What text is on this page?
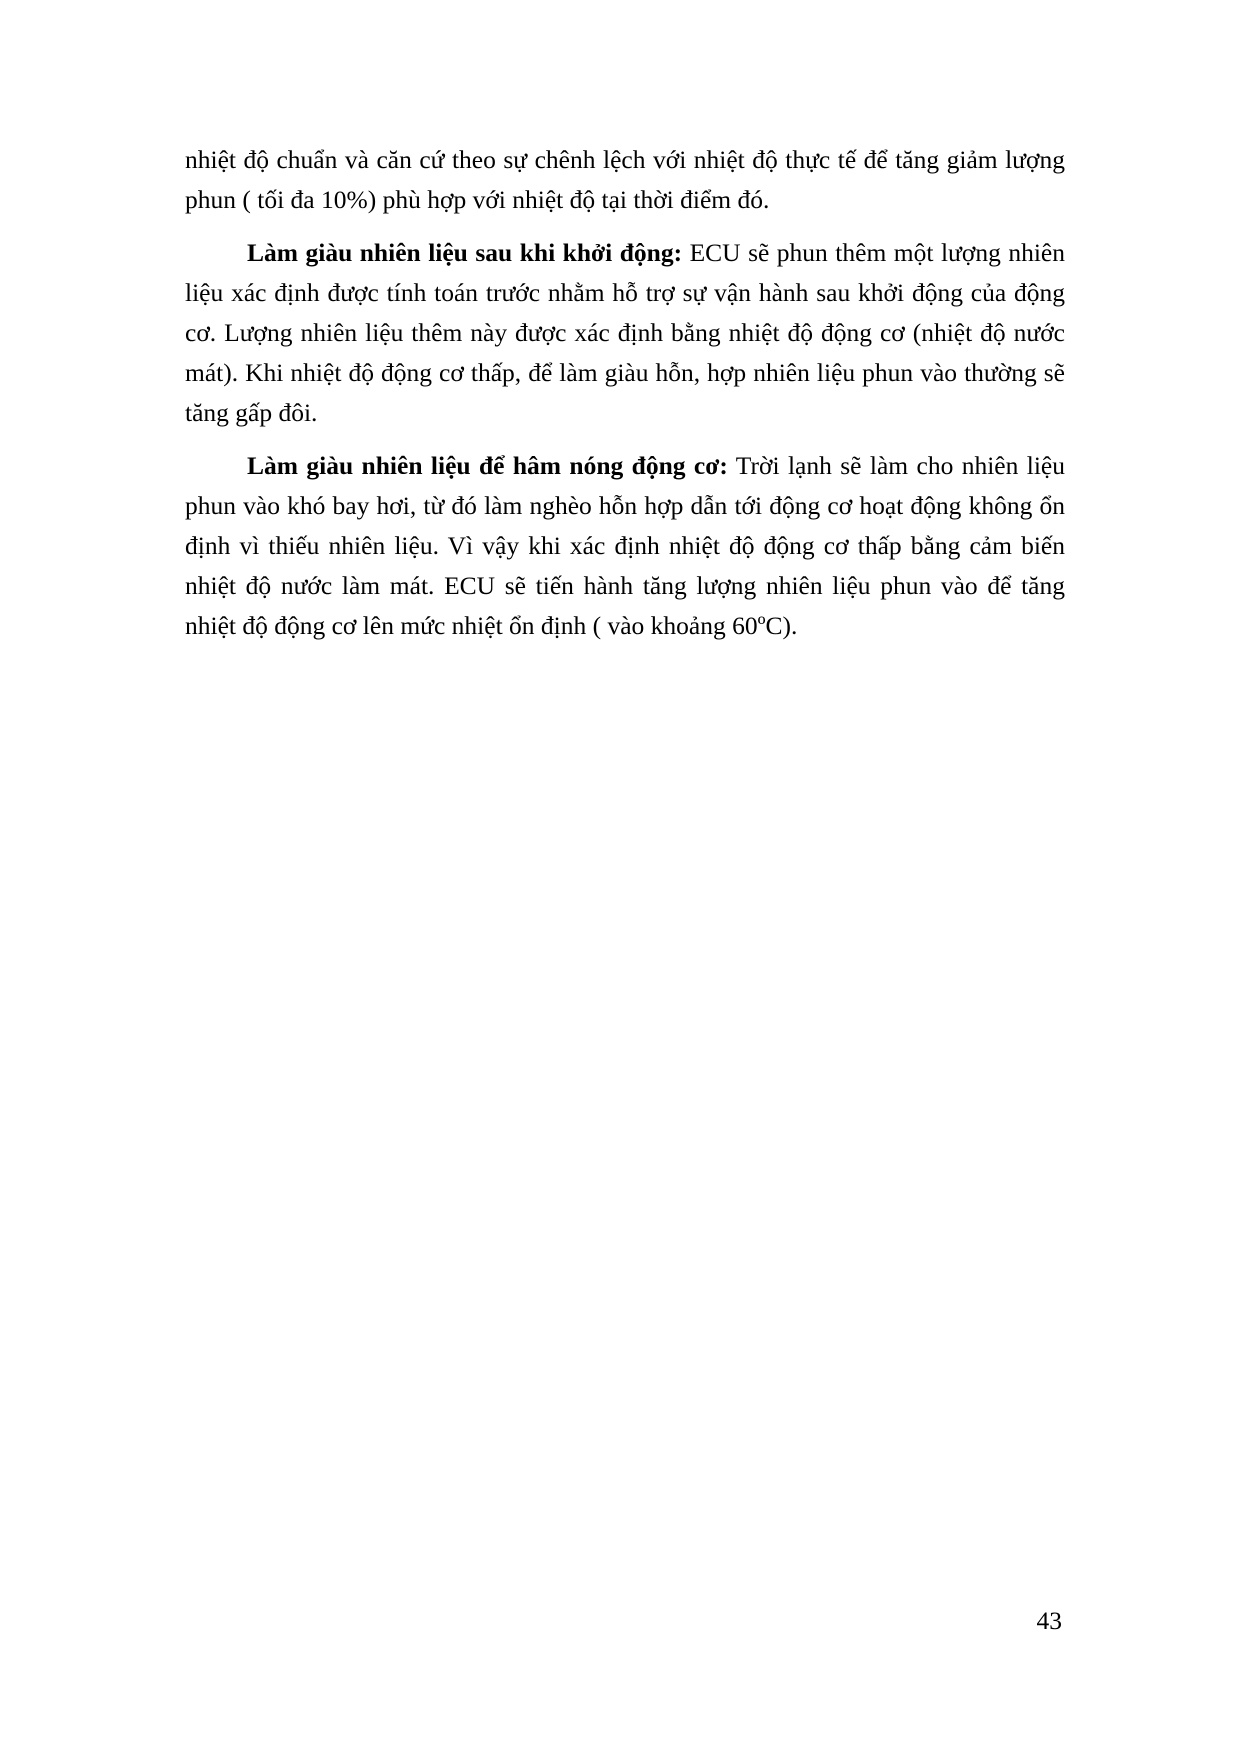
nhiệt độ chuẩn và căn cứ theo sự chênh lệch với nhiệt độ thực tế để tăng giảm lượng phun ( tối đa 10%) phù hợp với nhiệt độ tại thời điểm đó.

Làm giàu nhiên liệu sau khi khởi động: ECU sẽ phun thêm một lượng nhiên liệu xác định được tính toán trước nhằm hỗ trợ sự vận hành sau khởi động của động cơ. Lượng nhiên liệu thêm này được xác định bằng nhiệt độ động cơ (nhiệt độ nước mát). Khi nhiệt độ động cơ thấp, để làm giàu hỗn, hợp nhiên liệu phun vào thường sẽ tăng gấp đôi.

Làm giàu nhiên liệu để hâm nóng động cơ: Trời lạnh sẽ làm cho nhiên liệu phun vào khó bay hơi, từ đó làm nghèo hỗn hợp dẫn tới động cơ hoạt động không ổn định vì thiếu nhiên liệu. Vì vậy khi xác định nhiệt độ động cơ thấp bằng cảm biến nhiệt độ nước làm mát. ECU sẽ tiến hành tăng lượng nhiên liệu phun vào để tăng nhiệt độ động cơ lên mức nhiệt ổn định ( vào khoảng 60ºC).

43
